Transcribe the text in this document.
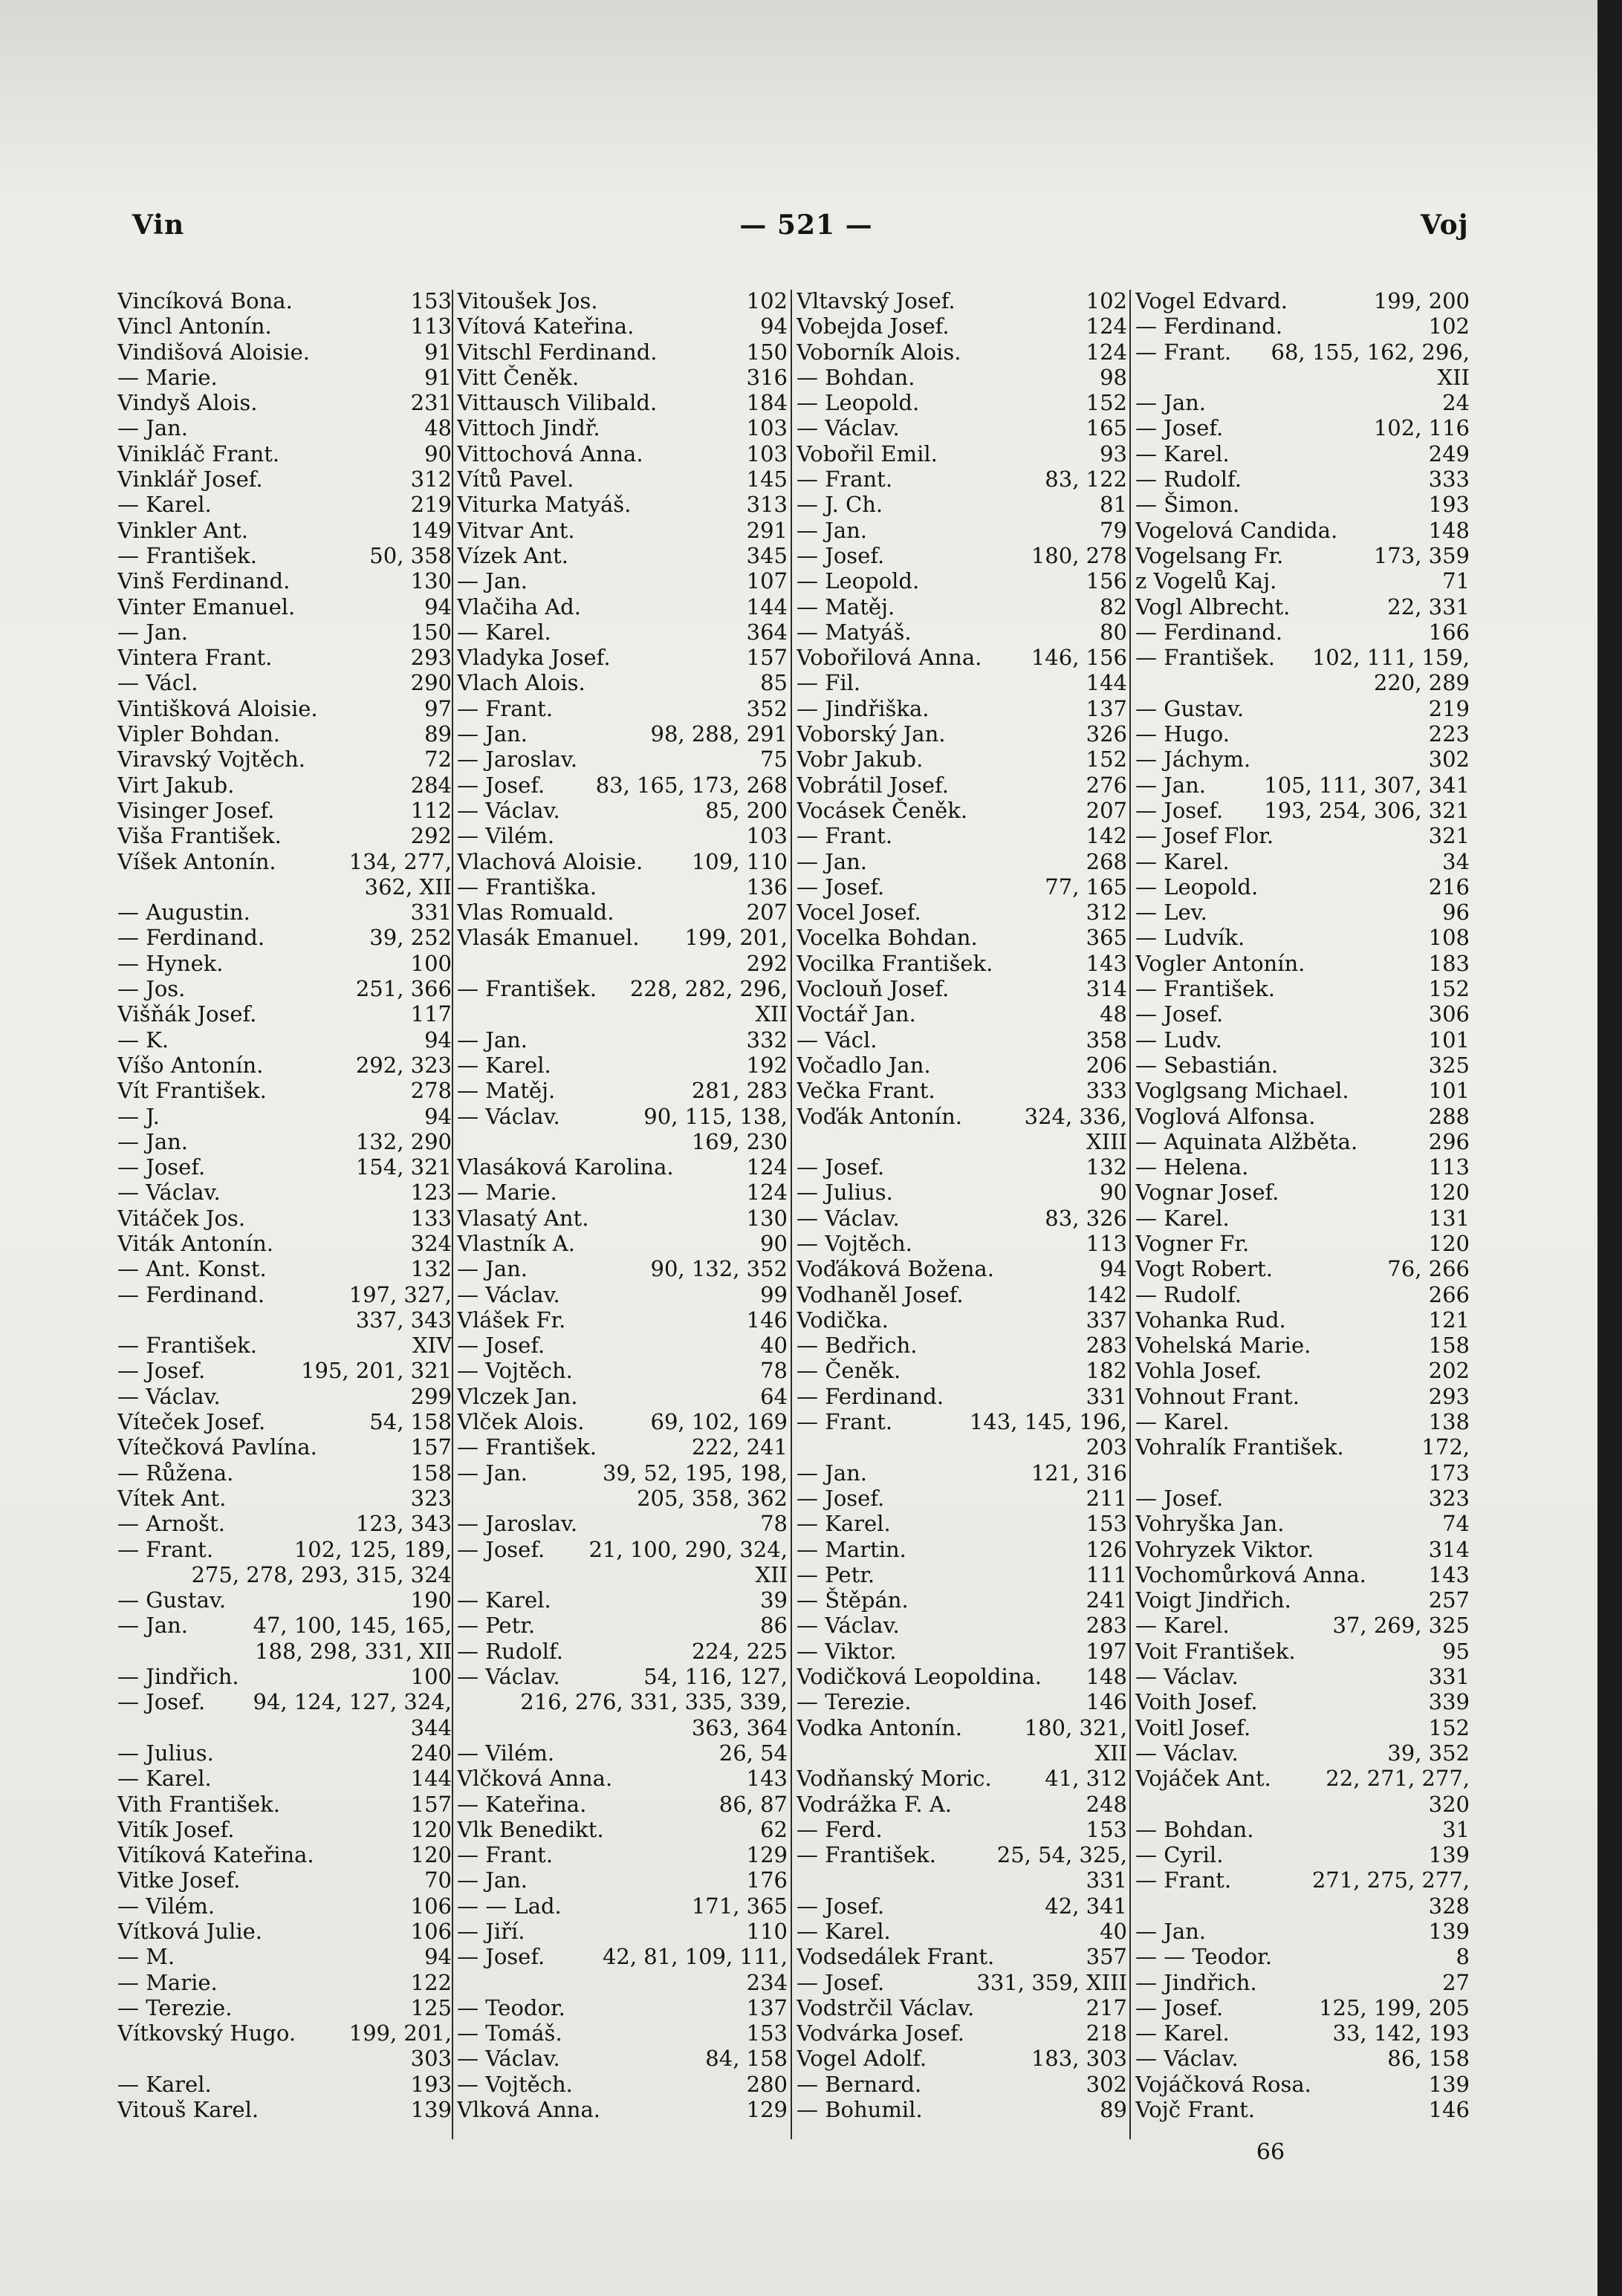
Vin	— 521 —	Voj
Vincíková Bona.	153
Vincl Antonín.	113
Vindišová Aloisie.	91
— Marie.	91
Vindyš Alois.	231
— Jan.	48
Vinikláč Frant.	90
Vinklář Josef.	312
— Karel.	219
Vinkler Ant.	149
— František.	50, 358
Vinš Ferdinand.	130
Vinter Emanuel.	94
— Jan.	150
Vintera Frant.	293
— Václ.	290
Vintišková Aloisie.	97
Vipler Bohdan.	89
Viravský Vojtěch.	72
Virt Jakub.	284
Visinger Josef.	112
Viša František.	292
Víšek Antonín.	134, 277,
362, XII
— Augustin.	331
— Ferdinand.	39, 252
— Hynek.	100
— Jos.	251, 366
Višňák Josef.	117
— K.	94
Víšo Antonín.	292, 323
Vít František.	278
— J.	94
— Jan.	132, 290
— Josef.	154, 321
— Václav.	123
Vitáček Jos.	133
Viták Antonín.	324
— Ant. Konst.	132
— Ferdinand.	197, 327,
337, 343
— František.	XIV
— Josef.	195, 201, 321
— Václav.	299
Víteček Josef.	54, 158
Vítečková Pavlína.	157
— Růžena.	158
Vítek Ant.	323
— Arnošt.	123, 343
— Frant.	102, 125, 189,
275, 278, 293, 315, 324
— Gustav.	190
— Jan.	47, 100, 145, 165,
188, 298, 331, XII
— Jindřich.	100
— Josef. 94, 124, 127, 324,
344
— Julius.	240
— Karel.	144
Vith František.	157
Vitík Josef.	120
Vitíková Kateřina.	120
Vitke Josef.	70
— Vilém.	106
Vítková Julie.	106
— M.	94
— Marie.	122
— Terezie.	125
Vítkovský Hugo. 199, 201,
303
— Karel.	193
Vitouš Karel.	139
Vitoušek Jos.	102
Vítová Kateřina.	94
Vitschl Ferdinand.	150
Vitt Čeněk.	316
Vittausch Vilibald.	184
Vittoch Jindř.	103
Vittochová Anna.	103
Vítů Pavel.	145
Viturka Matyáš.	313
Vitvar Ant.	291
Vízek Ant.	345
— Jan.	107
Vlačiha Ad.	144
— Karel.	364
Vladyka Josef.	157
Vlach Alois.	85
— Frant.	352
— Jan.	98, 288, 291
— Jaroslav.	75
— Josef. 83, 165, 173, 268
— Václav.	85, 200
— Vilém.	103
Vlachová Aloisie. 109, 110
— Františka.	136
Vlas Romuald.	207
Vlasák Emanuel. 199, 201,
292
— František. 228, 282, 296,
XII
— Jan.	332
— Karel.	192
— Matěj.	281, 283
— Václav.	90, 115, 138,
169, 230
Vlasáková Karolina.	124
— Marie.	124
Vlasatý Ant.	130
Vlastník A.	90
— Jan.	90, 132, 352
— Václav.	99
Vlášek Fr.	146
— Josef.	40
— Vojtěch.	78
Vlczek Jan.	64
Vlček Alois.	69, 102, 169
— František.	222, 241
— Jan.	39, 52, 195, 198,
205, 358, 362
— Jaroslav.	78
— Josef. 21, 100, 290, 324,
XII
— Karel.	39
— Petr.	86
— Rudolf.	224, 225
— Václav.	54, 116, 127,
216, 276, 331, 335, 339,
363, 364
— Vilém.	26, 54
Vlčková Anna.	143
— Kateřina.	86, 87
Vlk Benedikt.	62
— Frant.	129
— Jan.	176
— — Lad.	171, 365
— Jiří.	110
— Josef.	42, 81, 109, 111,
234
— Teodor.	137
— Tomáš.	153
— Václav.	84, 158
— Vojtěch.	280
Vlková Anna.	129
Vltavský Josef.	102
Vobejda Josef.	124
Voborník Alois.	124
— Bohdan.	98
— Leopold.	152
— Václav.	165
Vobořil Emil.	93
— Frant.	83, 122
— J. Ch.	81
— Jan.	79
— Josef.	180, 278
— Leopold.	156
— Matěj.	82
— Matyáš.	80
Vobořilová Anna. 146, 156
— Fil.	144
— Jindřiška.	137
Voborský Jan.	326
Vobr Jakub.	152
Vobrátil Josef.	276
Vocásek Čeněk.	207
— Frant.	142
— Jan.	268
— Josef.	77, 165
Vocel Josef.	312
Vocelka Bohdan.	365
Vocilka František.	143
Voclouň Josef.	314
Voctář Jan.	48
— Václ.	358
Vočadlo Jan.	206
Večka Frant.	333
Voďák Antonín.	324, 336,
XIII
— Josef.	132
— Julius.	90
— Václav.	83, 326
— Vojtěch.	113
Voďáková Božena.	94
Vodhaněl Josef.	142
Vodička.	337
— Bedřich.	283
— Čeněk.	182
— Ferdinand.	331
— Frant.	143, 145, 196,
203
— Jan.	121, 316
— Josef.	211
— Karel.	153
— Martin.	126
— Petr.	111
— Štěpán.	241
— Václav.	283
— Viktor.	197
Vodičková Leopoldina. 148
— Terezie.	146
Vodka Antonín.	180, 321,
XII
Vodňanský Moric. 41, 312
Vodrážka F. A.	248
— Ferd.	153
— František.	25, 54, 325,
331
— Josef.	42, 341
— Karel.	40
Vodsedálek Frant.	357
— Josef.	331, 359, XIII
Vodstrčil Václav.	217
Vodvárka Josef.	218
Vogel Adolf.	183, 303
— Bernard.	302
— Bohumil.	89
Vogel Edvard.	199, 200
— Ferdinand.	102
— Frant. 68, 155, 162, 296,
XII
— Jan.	24
— Josef.	102, 116
— Karel.	249
— Rudolf.	333
— Šimon.	193
Vogelová Candida.	148
Vogelsang Fr.	173, 359
z Vogelů Kaj.	71
Vogl Albrecht.	22, 331
— Ferdinand.	166
— František. 102, 111, 159,
220, 289
— Gustav.	219
— Hugo.	223
— Jáchym.	302
— Jan.	105, 111, 307, 341
— Josef. 193, 254, 306, 321
— Josef Flor.	321
— Karel.	34
— Leopold.	216
— Lev.	96
— Ludvík.	108
Vogler Antonín.	183
— František.	152
— Josef.	306
— Ludv.	101
— Sebastián.	325
Voglgsang Michael.	101
Voglová Alfonsa.	288
— Aquinata Alžběta.	296
— Helena.	113
Vognar Josef.	120
— Karel.	131
Vogner Fr.	120
Vogt Robert.	76, 266
— Rudolf.	266
Vohanka Rud.	121
Vohelská Marie.	158
Vohla Josef.	202
Vohnout Frant.	293
— Karel.	138
Vohralík František.	172,
173
— Josef.	323
Vohryška Jan.	74
Vohryzek Viktor.	314
Vochomůrková Anna.	143
Voigt Jindřich.	257
— Karel.	37, 269, 325
Voit František.	95
— Václav.	331
Voith Josef.	339
Voitl Josef.	152
— Václav.	39, 352
Vojáček Ant.	22, 271, 277,
320
— Bohdan.	31
— Cyril.	139
— Frant.	271, 275, 277,
328
— Jan.	139
— — Teodor.	8
— Jindřich.	27
— Josef.	125, 199, 205
— Karel.	33, 142, 193
— Václav.	86, 158
Vojáčková Rosa.	139
Vojč Frant.	146
66
